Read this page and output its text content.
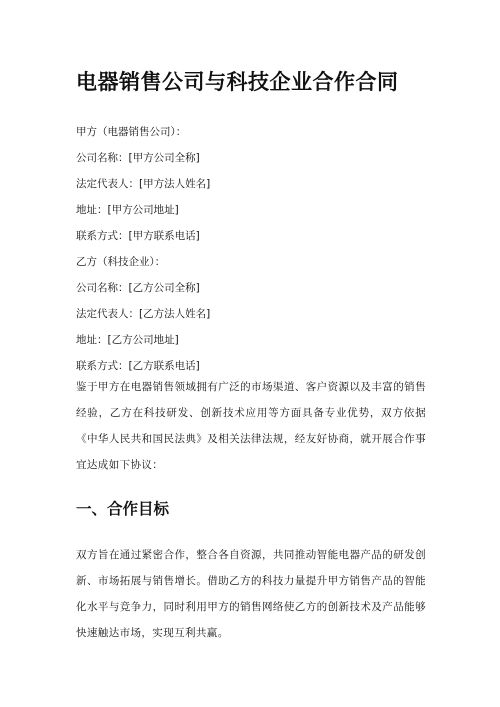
电器销售公司与科技企业合作合同
甲方（电器销售公司）：
公司名称：[甲方公司全称]
法定代表人：[甲方法人姓名]
地址：[甲方公司地址]
联系方式：[甲方联系电话]
乙方（科技企业）：
公司名称：[乙方公司全称]
法定代表人：[乙方法人姓名]
地址：[乙方公司地址]
联系方式：[乙方联系电话]

鉴于甲方在电器销售领域拥有广泛的市场渠道、客户资源以及丰富的销售经验，乙方在科技研发、创新技术应用等方面具备专业优势，双方依据《中华人民共和国民法典》及相关法律法规，经友好协商，就开展合作事宜达成如下协议：

一、合作目标

双方旨在通过紧密合作，整合各自资源，共同推动智能电器产品的研发创新、市场拓展与销售增长。借助乙方的科技力量提升甲方销售产品的智能化水平与竞争力，同时利用甲方的销售网络使乙方的创新技术及产品能够快速触达市场，实现互利共赢。
